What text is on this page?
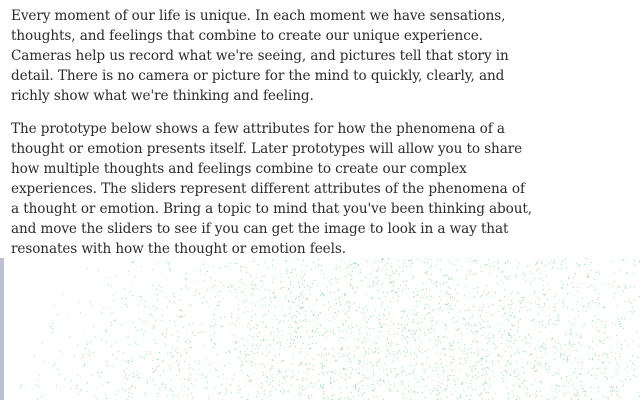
Every moment of our life is unique. In each moment we have sensations, thoughts, and feelings that combine to create our unique experience. Cameras help us record what we're seeing, and pictures tell that story in detail. There is no camera or picture for the mind to quickly, clearly, and richly show what we're thinking and feeling.

The prototype below shows a few attributes for how the phenomena of a thought or emotion presents itself. Later prototypes will allow you to share how multiple thoughts and feelings combine to create our complex experiences. The sliders represent different attributes of the phenomena of a thought or emotion. Bring a topic to mind that you've been thinking about, and move the sliders to see if you can get the image to look in a way that resonates with how the thought or emotion feels.
